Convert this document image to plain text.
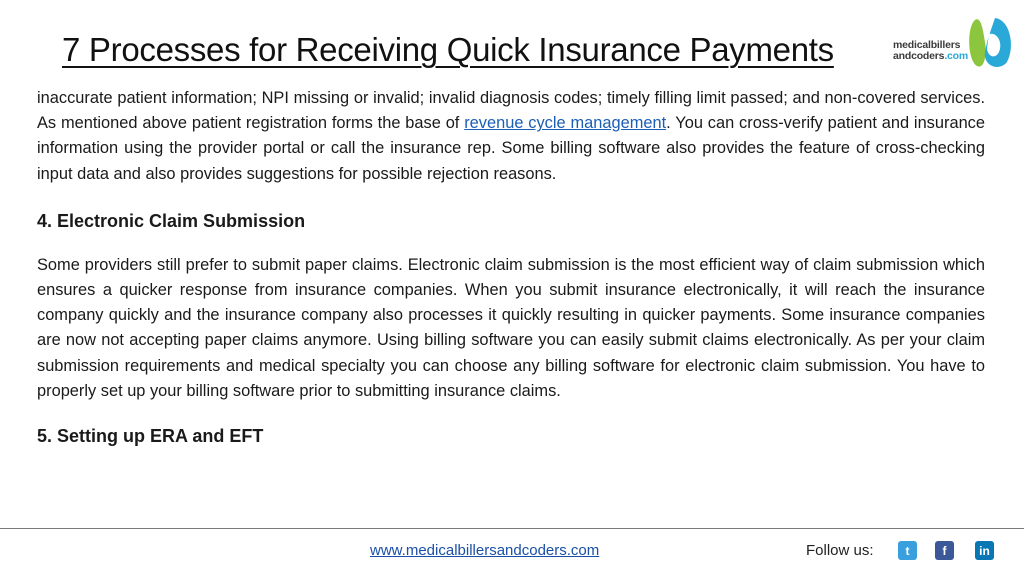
7 Processes for Receiving Quick Insurance Payments	medicalbillers
andcoders.com

inaccurate patient information; NPI missing or invalid; invalid diagnosis codes; timely filling limit passed; and non-covered services. As mentioned above patient registration forms the base of revenue cycle management. You can cross-verify patient and insurance information using the provider portal or call the insurance rep. Some billing software also provides the feature of cross-checking input data and also provides suggestions for possible rejection reasons.

4. Electronic Claim Submission

Some providers still prefer to submit paper claims. Electronic claim submission is the most efficient way of claim submission which ensures a quicker response from insurance companies. When you submit insurance electronically, it will reach the insurance company quickly and the insurance company also processes it quickly resulting in quicker payments. Some insurance companies are now not accepting paper claims anymore. Using billing software you can easily submit claims electronically. As per your claim submission requirements and medical specialty you can choose any billing software for electronic claim submission. You have to properly set up your billing software prior to submitting insurance claims.

5. Setting up ERA and EFT
www.medicalbillersandcoders.com	Follow us:	t	f	in
